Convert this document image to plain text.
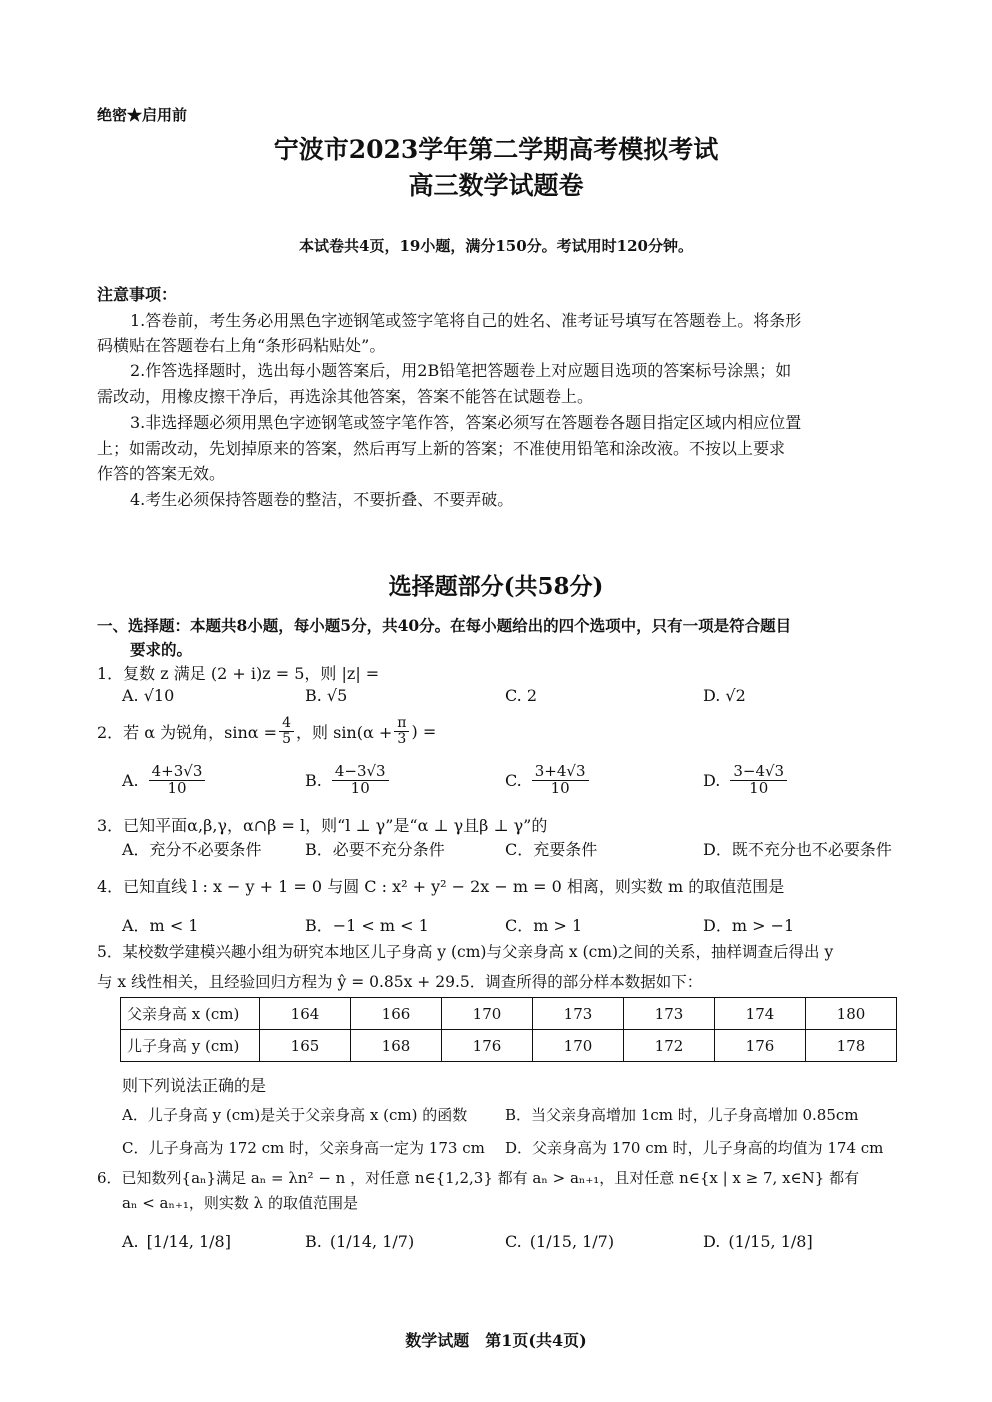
绝密★启用前
宁波市2023学年第二学期高考模拟考试
高三数学试题卷
本试卷共4页，19小题，满分150分。考试用时120分钟。
注意事项：
1.答卷前，考生务必用黑色字迹钢笔或签字笔将自己的姓名、准考证号填写在答题卷上。将条形
码横贴在答题卷右上角“条形码粘贴处”。
2.作答选择题时，选出每小题答案后，用2B铅笔把答题卷上对应题目选项的答案标号涂黑；如
需改动，用橡皮擦干净后，再选涂其他答案，答案不能答在试题卷上。
3.非选择题必须用黑色字迹钢笔或签字笔作答，答案必须写在答题卷各题目指定区域内相应位置
上；如需改动，先划掉原来的答案，然后再写上新的答案；不准使用铅笔和涂改液。不按以上要求
作答的答案无效。
4.考生必须保持答题卷的整洁，不要折叠、不要弄破。
选择题部分(共58分)
一、选择题：本题共8小题，每小题5分，共40分。在每小题给出的四个选项中，只有一项是符合题目
要求的。
1．复数 z 满足 (2 + i)z = 5，则 |z| =
A. √10	B. √5	C. 2	D. √2
2．若 α 为锐角，$\sin\alpha = \frac{4}{5}$ ，则 $\sin(\alpha + \frac{\pi}{3}$ ) =
A. $\frac{4+3√3}{10}$	B. $\frac{4-3√3}{10}$	C. $\frac{3+4√3}{10}$	D. $\frac{3-4√3}{10}$
3．已知平面α,β,γ，α∩β = l，则“l ⊥ γ”是“α ⊥ γ且β ⊥ γ”的
A．充分不必要条件	B．必要不充分条件	C．充要条件	D．既不充分也不必要条件
4．已知直线 l : x − y + 1 = 0 与圆 C : x² + y² − 2x − m = 0 相离，则实数 m 的取值范围是
A．m < 1	B．−1 < m < 1	C．m > 1	D．m > −1
5．某校数学建模兴趣小组为研究本地区儿子身高 y (cm)与父亲身高 x (cm)之间的关系，抽样调查后得出 y
与 x 线性相关，且经验回归方程为 ŷ = 0.85x + 29.5．调查所得的部分样本数据如下：
父亲身高 x (cm)	164	166	170	173	173	174	180
儿子身高 y (cm)	165	168	176	170	172	176	178
则下列说法正确的是
A．儿子身高 y (cm)是关于父亲身高 x (cm) 的函数	B．当父亲身高增加 1cm 时，儿子身高增加 0.85cm
C．儿子身高为 172 cm 时，父亲身高一定为 173 cm D．父亲身高为 170 cm 时，儿子身高的均值为 174 cm
6．已知数列{aₙ}满足 aₙ = λn² − n ，对任意 n∈{1,2,3} 都有 aₙ > aₙ₊₁，且对任意 n∈{x | x ≥ 7, x∈N} 都有
aₙ < aₙ₊₁，则实数 λ 的取值范围是
A. [1/14, 1/8]	B. (1/14, 1/7)	C. (1/15, 1/7)	D. (1/15, 1/8]
数学试题　第1页(共4页)
